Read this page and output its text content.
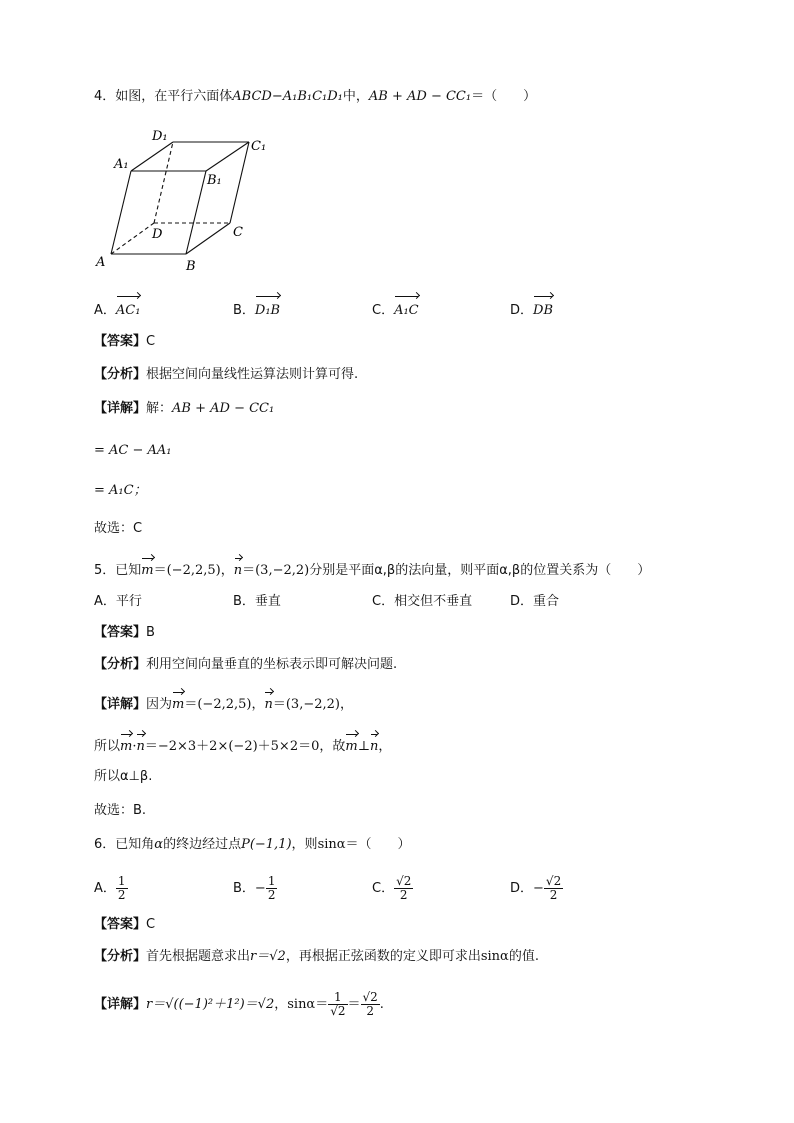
4．如图，在平行六面体ABCD−A₁B₁C₁D₁中，AB + AD − CC₁＝（　　）
D₁
C₁
A₁
B₁
D	C
A	B
A．AC₁	B．D₁B	C．A₁C	D．DB
【答案】C
【分析】根据空间向量线性运算法则计算可得.
【详解】解：AB + AD − CC₁
= AC − AA₁
= A₁C；
故选：C
5．已知m＝(−2,2,5)，n＝(3,−2,2)分别是平面α,β的法向量，则平面α,β的位置关系为（　　）
A．平行	B．垂直	C．相交但不垂直	D．重合
【答案】B
【分析】利用空间向量垂直的坐标表示即可解决问题.
【详解】因为m＝(−2,2,5)，n＝(3,−2,2)，
所以m·n＝−2×3＋2×(−2)＋5×2＝0，故m⊥n，
所以α⊥β.
故选：B.
6．已知角α的终边经过点P(−1,1)，则sinα＝（　　）
A． $\frac{1}{2}$	B．− $\frac{1}{2}$	C． $\frac{√2}{2}$	D．− $\frac{√2}{2}$
【答案】C
【分析】首先根据题意求出r＝√2，再根据正弦函数的定义即可求出sinα的值.
【详解】r＝√((−1)²＋1²)＝√2，$\sin\alpha= \frac{1}{√2} = \frac{√2}{2}$ .
